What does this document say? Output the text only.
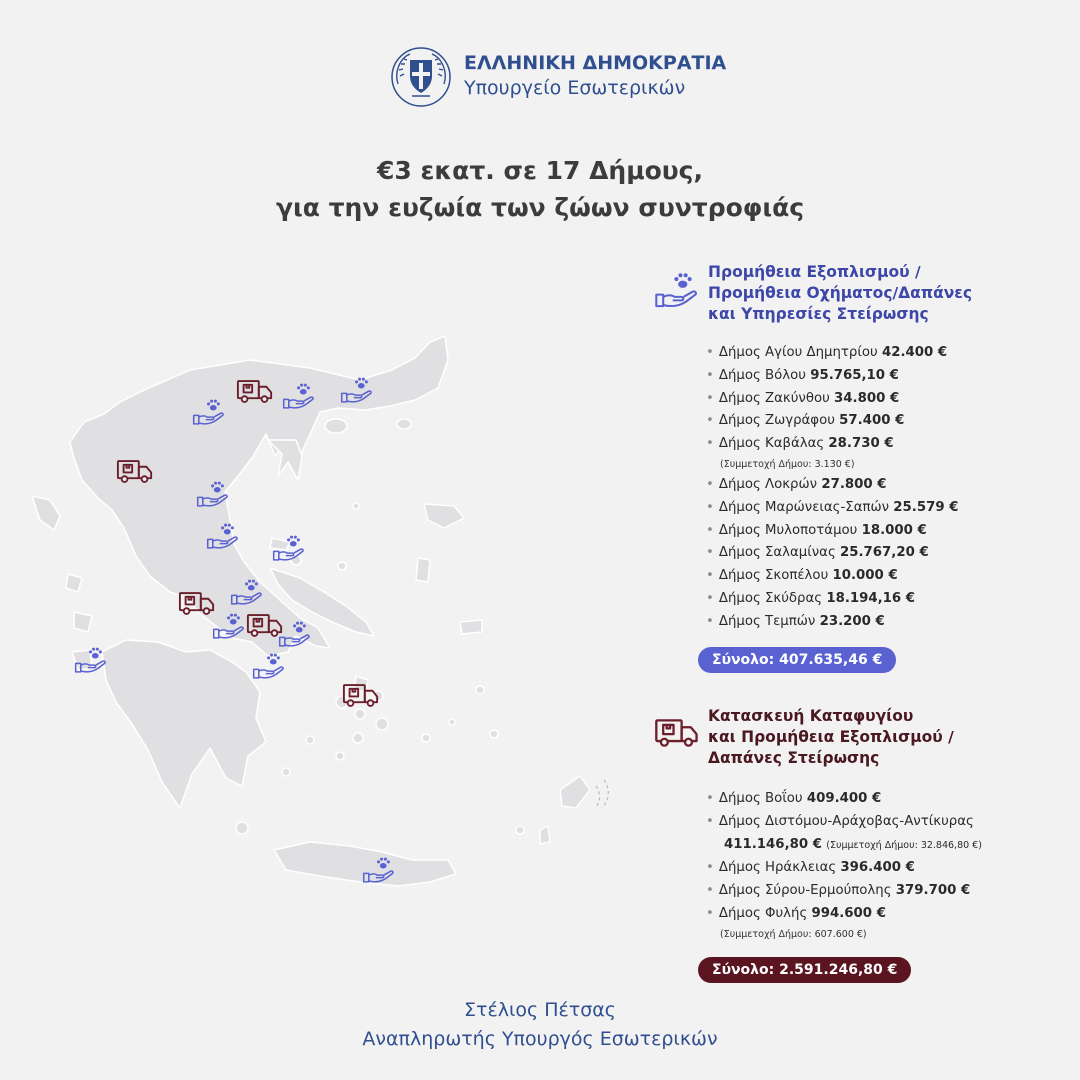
ΕΛΛΗΝΙΚΗ ΔΗΜΟΚΡΑΤΙΑ
Υπουργείο Εσωτερικών
€3 εκατ. σε 17 Δήμους,
για την ευζωία των ζώων συντροφιάς
Προμήθεια Εξοπλισμού /
Προμήθεια Οχήματος/Δαπάνες
και Υπηρεσίες Στείρωσης
• Δήμος Αγίου Δημητρίου 42.400 €
• Δήμος Βόλου 95.765,10 €
• Δήμος Ζακύνθου 34.800 €
• Δήμος Ζωγράφου 57.400 €
• Δήμος Καβάλας 28.730 €
(Συμμετοχή Δήμου: 3.130 €)
• Δήμος Λοκρών 27.800 €
• Δήμος Μαρώνειας-Σαπών 25.579 €
• Δήμος Μυλοποτάμου 18.000 €
• Δήμος Σαλαμίνας 25.767,20 €
• Δήμος Σκοπέλου 10.000 €
• Δήμος Σκύδρας 18.194,16 €
• Δήμος Τεμπών 23.200 €
Σύνολο: 407.635,46 €
Κατασκευή Καταφυγίου
και Προμήθεια Εξοπλισμού /
Δαπάνες Στείρωσης
• Δήμος Βοΐου 409.400 €
• Δήμος Διστόμου-Αράχοβας-Αντίκυρας
411.146,80 € (Συμμετοχή Δήμου: 32.846,80 €)
• Δήμος Ηράκλειας 396.400 €
• Δήμος Σύρου-Ερμούπολης 379.700 €
• Δήμος Φυλής 994.600 €
(Συμμετοχή Δήμου: 607.600 €)
Σύνολο: 2.591.246,80 €
Στέλιος Πέτσας
Αναπληρωτής Υπουργός Εσωτερικών
